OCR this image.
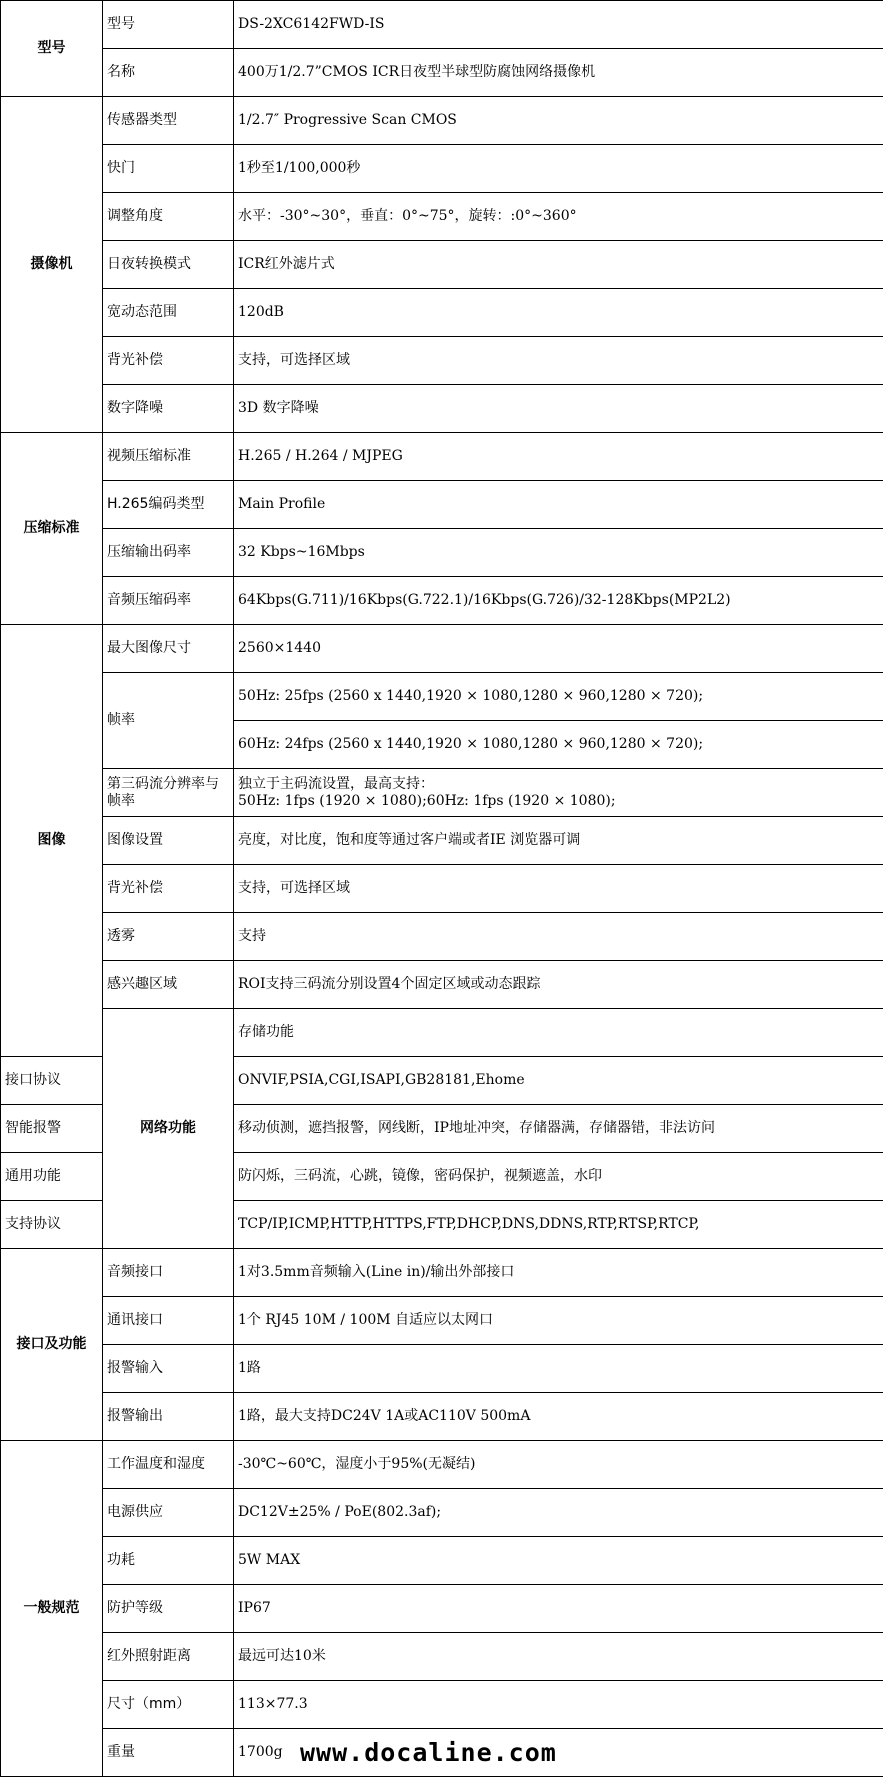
型号	型号	DS-2XC6142FWD-IS	
	名称	400万1/2.7”CMOS ICR日夜型半球型防腐蚀网络摄像机	
摄像机	传感器类型	1/2.7″ Progressive Scan CMOS	
	快门	1秒至1/100,000秒	
	调整角度	水平：-30°~30°，垂直：0°~75°，旋转：:0°~360°	
	日夜转换模式	ICR红外滤片式	
	宽动态范围	120dB	
	背光补偿	支持，可选择区域	
	数字降噪	3D 数字降噪	
压缩标准	视频压缩标准	H.265 / H.264 / MJPEG	
	H.265编码类型	Main Profile	
	压缩输出码率	32 Kbps~16Mbps	
	音频压缩码率	64Kbps(G.711)/16Kbps(G.722.1)/16Kbps(G.726)/32-128Kbps(MP2L2)	
图像	最大图像尺寸	2560×1440	
	帧率	50Hz: 25fps (2560 x 1440,1920 × 1080,1280 × 960,1280 × 720);	
		60Hz: 24fps (2560 x 1440,1920 × 1080,1280 × 960,1280 × 720);	
	第三码流分辨率与帧率	独立于主码流设置，最高支持：
50Hz: 1fps (1920 × 1080);60Hz: 1fps (1920 × 1080);	

	图像设置	亮度，对比度，饱和度等通过客户端或者IE 浏览器可调	
	背光补偿	支持，可选择区域	
	透雾	支持	
	感兴趣区域	ROI支持三码流分别设置4个固定区域或动态跟踪	
	网络功能	存储功能	
接口协议		ONVIF,PSIA,CGI,ISAPI,GB28181,Ehome	
智能报警		移动侦测，遮挡报警，网线断，IP地址冲突，存储器满，存储器错，非法访问	
通用功能		防闪烁，三码流，心跳，镜像，密码保护，视频遮盖，水印	
支持协议		TCP/IP,ICMP,HTTP,HTTPS,FTP,DHCP,DNS,DDNS,RTP,RTSP,RTCP,	
接口及功能	音频接口	1对3.5mm音频输入(Line in)/输出外部接口	
	通讯接口	1个 RJ45 10M / 100M 自适应以太网口	
	报警输入	1路	
	报警输出	1路，最大支持DC24V 1A或AC110V 500mA	
一般规范	工作温度和湿度	-30℃~60℃，湿度小于95%(无凝结)	
	电源供应	DC12V±25% / PoE(802.3af);	
	功耗	5W MAX	
	防护等级	IP67	
	红外照射距离	最远可达10米	
	尺寸（mm）	113×77.3	
	重量	1700g	www.docaline.com
